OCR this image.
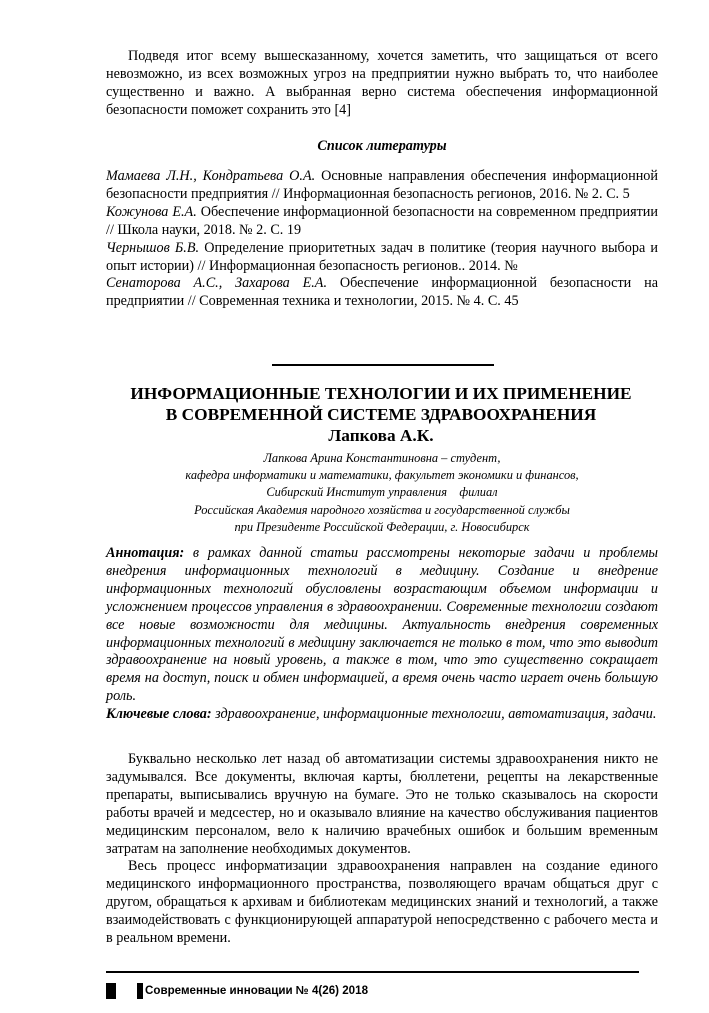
Подведя итог всему вышесказанному, хочется заметить, что защищаться от всего невозможно, из всех возможных угроз на предприятии нужно выбрать то, что наиболее существенно и важно. А выбранная верно система обеспечения информационной безопасности поможет сохранить это [4]

Список литературы

Мамаева Л.Н., Кондратьева О.А. Основные направления обеспечения информационной безопасности предприятия // Информационная безопасность регионов, 2016. № 2. С. 5

Кожунова Е.А. Обеспечение информационной безопасности на современном предприятии // Школа науки, 2018. № 2. С. 19

Чернышов Б.В. Определение приоритетных задач в политике (теория научного выбора и опыт истории) // Информационная безопасность регионов.. 2014. №

Сенаторова А.С., Захарова Е.А. Обеспечение информационной безопасности на предприятии // Современная техника и технологии, 2015. № 4. С. 45

ИНФОРМАЦИОННЫЕ ТЕХНОЛОГИИ И ИХ ПРИМЕНЕНИЕ
В СОВРЕМЕННОЙ СИСТЕМЕ ЗДРАВООХРАНЕНИЯ
Лапкова А.К.
Лапкова Арина Константиновна – студент,
кафедра информатики и математики, факультет экономики и финансов,
Сибирский Институт управления    филиал
Российская Академия народного хозяйства и государственной службы
при Президенте Российской Федерации, г. Новосибирск

Аннотация: в рамках данной статьи рассмотрены некоторые задачи и проблемы внедрения информационных технологий в медицину. Создание и внедрение информационных технологий обусловлены возрастающим объемом информации и усложнением процессов управления в здравоохранении. Современные технологии создают все новые возможности для медицины. Актуальность внедрения современных информационных технологий в медицину заключается не только в том, что это выводит здравоохранение на новый уровень, а также в том, что это существенно сокращает время на доступ, поиск и обмен информацией, а время очень часто играет очень большую роль.

Ключевые слова: здравоохранение, информационные технологии, автоматизация, задачи.

Буквально несколько лет назад об автоматизации системы здравоохранения никто не задумывался. Все документы, включая карты, бюллетени, рецепты на лекарственные препараты, выписывались вручную на бумаге. Это не только сказывалось на скорости работы врачей и медсестер, но и оказывало влияние на качество обслуживания пациентов медицинским персоналом, вело к наличию врачебных ошибок и большим временным затратам на заполнение необходимых документов.

Весь процесс информатизации здравоохранения направлен на создание единого медицинского информационного пространства, позволяющего врачам общаться друг с другом, обращаться к архивам и библиотекам медицинских знаний и технологий, а также взаимодействовать с функционирующей аппаратурой непосредственно с рабочего места и в реальном времени.

Современные инновации № 4(26) 2018
